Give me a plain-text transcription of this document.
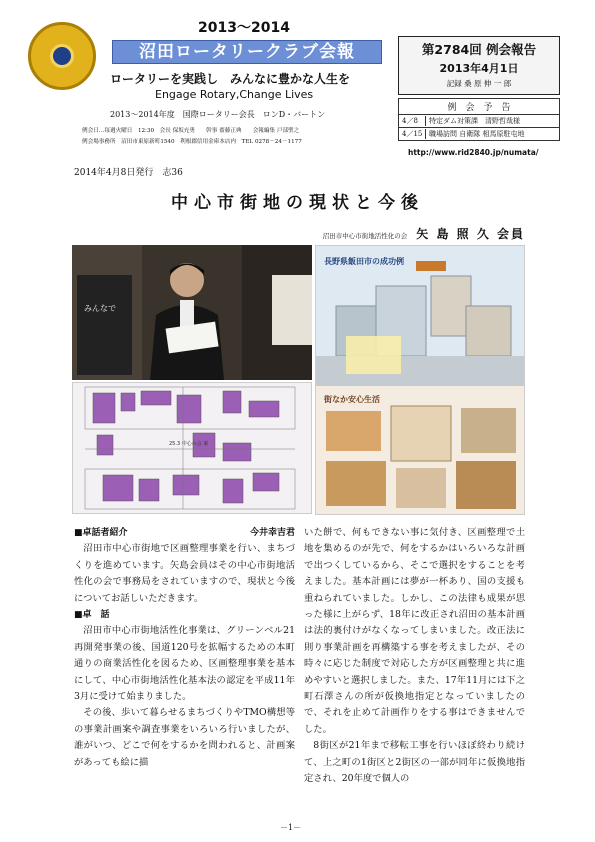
2013～2014
沼田ロータリークラブ会報
ロータリーを実践し　みんなに豊かな人生を
Engage Rotary,Change Lives
2013～2014年度　国際ロータリー会長　ロンD・バートン
例会日…毎週火曜日　12:30　会長 保坂充勇　　幹事 齋藤正典　　会報編集 戸部聖之
例会場事務所　沼田市東原新町1540　利根郡信用金庫本店内　TEL 0278－24－1177
第2784回 例会報告
2013年4月1日
記録 桑 原 伸 一 郎
例　会　予　告
4／8	特定ダム対策課　清野哲哉様
4／15 職場訪問 自衛隊 相馬原駐屯地
http://www.rid2840.jp/numata/
2014年4月8日発行　志36
中心市街地の現状と今後
沼田市中心市街地活性化の会 矢 島 照 久 会員
みんなで
25.3 中心の会 案
長野県飯田市の成功例
街なか安心生活
■卓話者紹介	今井幸吉君
沼田市中心市街地で区画整理事業を行い、まちづくりを進めています。矢島会員はその中心市街地活性化の会で事務局をされていますので、現状と今後についてお話しいただきます。
■卓　話
沼田市中心市街地活性化事業は、グリーンベル21再開発事業の後、国道120号を拡幅するための本町通りの商業活性化を図るため、区画整理事業を基本にして、中心市街地活性化基本法の認定を平成11年3月に受けて始まりました。
その後、歩いて暮らせるまちづくりやTMO構想等の事業計画案や調査事業をいろいろ行いましたが、誰がいつ、どこで何をするかを問われると、計画案があっても絵に描
いた餅で、何もできない事に気付き、区画整理で土地を集めるのが先で、何をするかはいろいろな計画で出つくしているから、そこで選択をすることを考えました。基本計画には夢が一杯あり、国の支援も重ねられていました。しかし、この法律も成果が思った様に上がらず、18年に改正され沼田の基本計画は法的裏付けがなくなってしまいました。改正法に則り事業計画を再構築する事を考えましたが、その時々に応じた制度で対応した方が区画整理と共に進めやすいと選択しました。また、17年11月には下之町石澤さんの所が仮換地指定となっていましたので、それを止めて計画作りをする事はできませんでした。
8街区が21年まで移転工事を行いほぼ終わり続けて、上之町の1街区と2街区の一部が同年に仮換地指定され、20年度で個人の
－1－
